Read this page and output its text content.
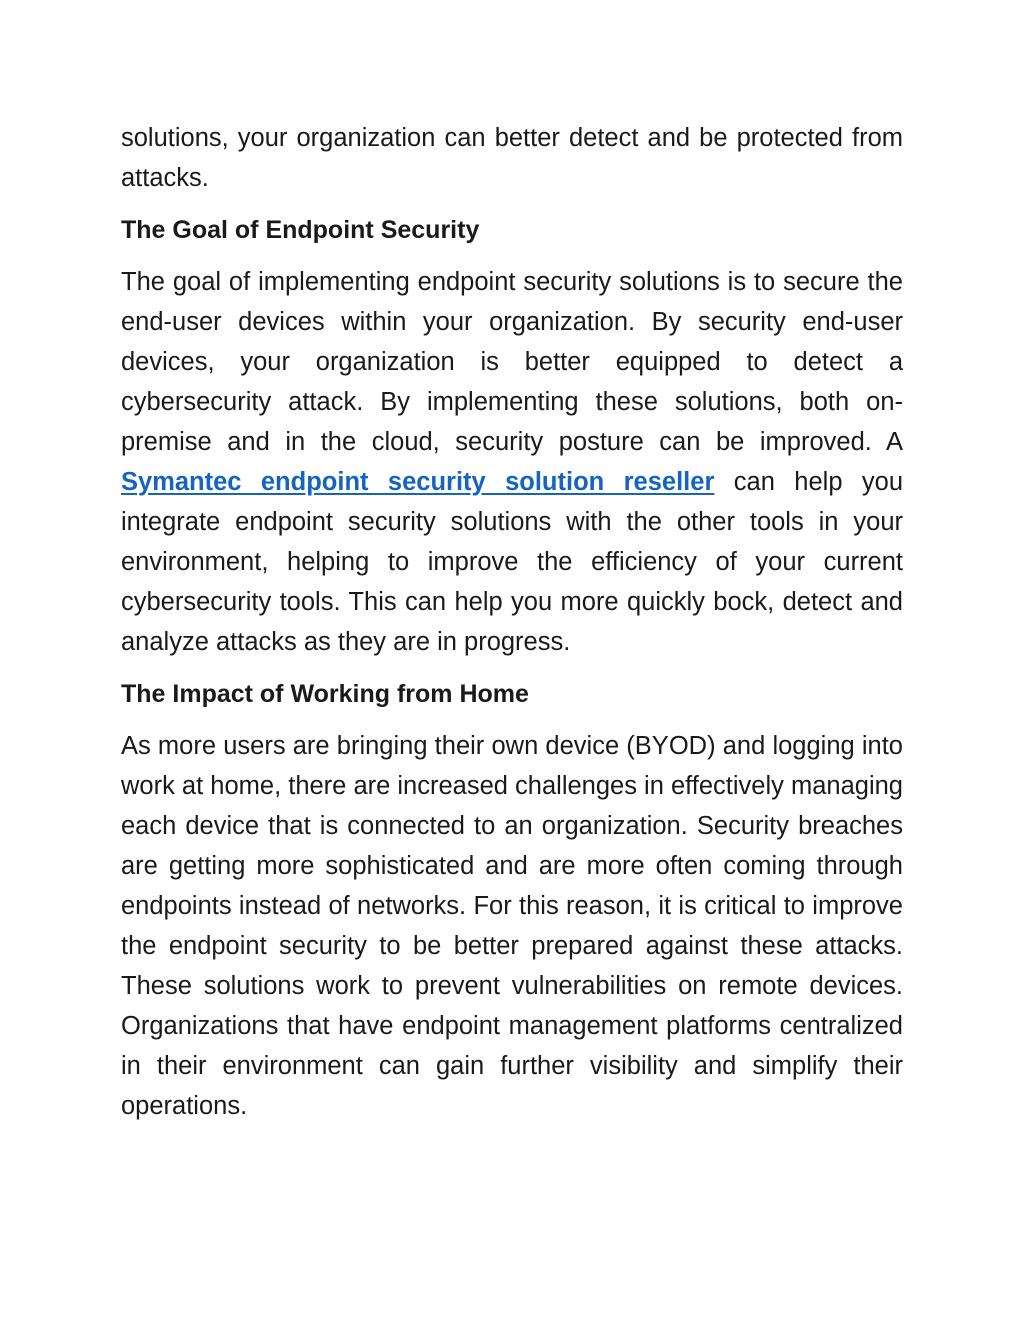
solutions, your organization can better detect and be protected from attacks.

The Goal of Endpoint Security

The goal of implementing endpoint security solutions is to secure the end-user devices within your organization. By security end-user devices, your organization is better equipped to detect a cybersecurity attack. By implementing these solutions, both on-premise and in the cloud, security posture can be improved. A Symantec endpoint security solution reseller can help you integrate endpoint security solutions with the other tools in your environment, helping to improve the efficiency of your current cybersecurity tools. This can help you more quickly bock, detect and analyze attacks as they are in progress.

The Impact of Working from Home

As more users are bringing their own device (BYOD) and logging into work at home, there are increased challenges in effectively managing each device that is connected to an organization. Security breaches are getting more sophisticated and are more often coming through endpoints instead of networks. For this reason, it is critical to improve the endpoint security to be better prepared against these attacks. These solutions work to prevent vulnerabilities on remote devices. Organizations that have endpoint management platforms centralized in their environment can gain further visibility and simplify their operations.
